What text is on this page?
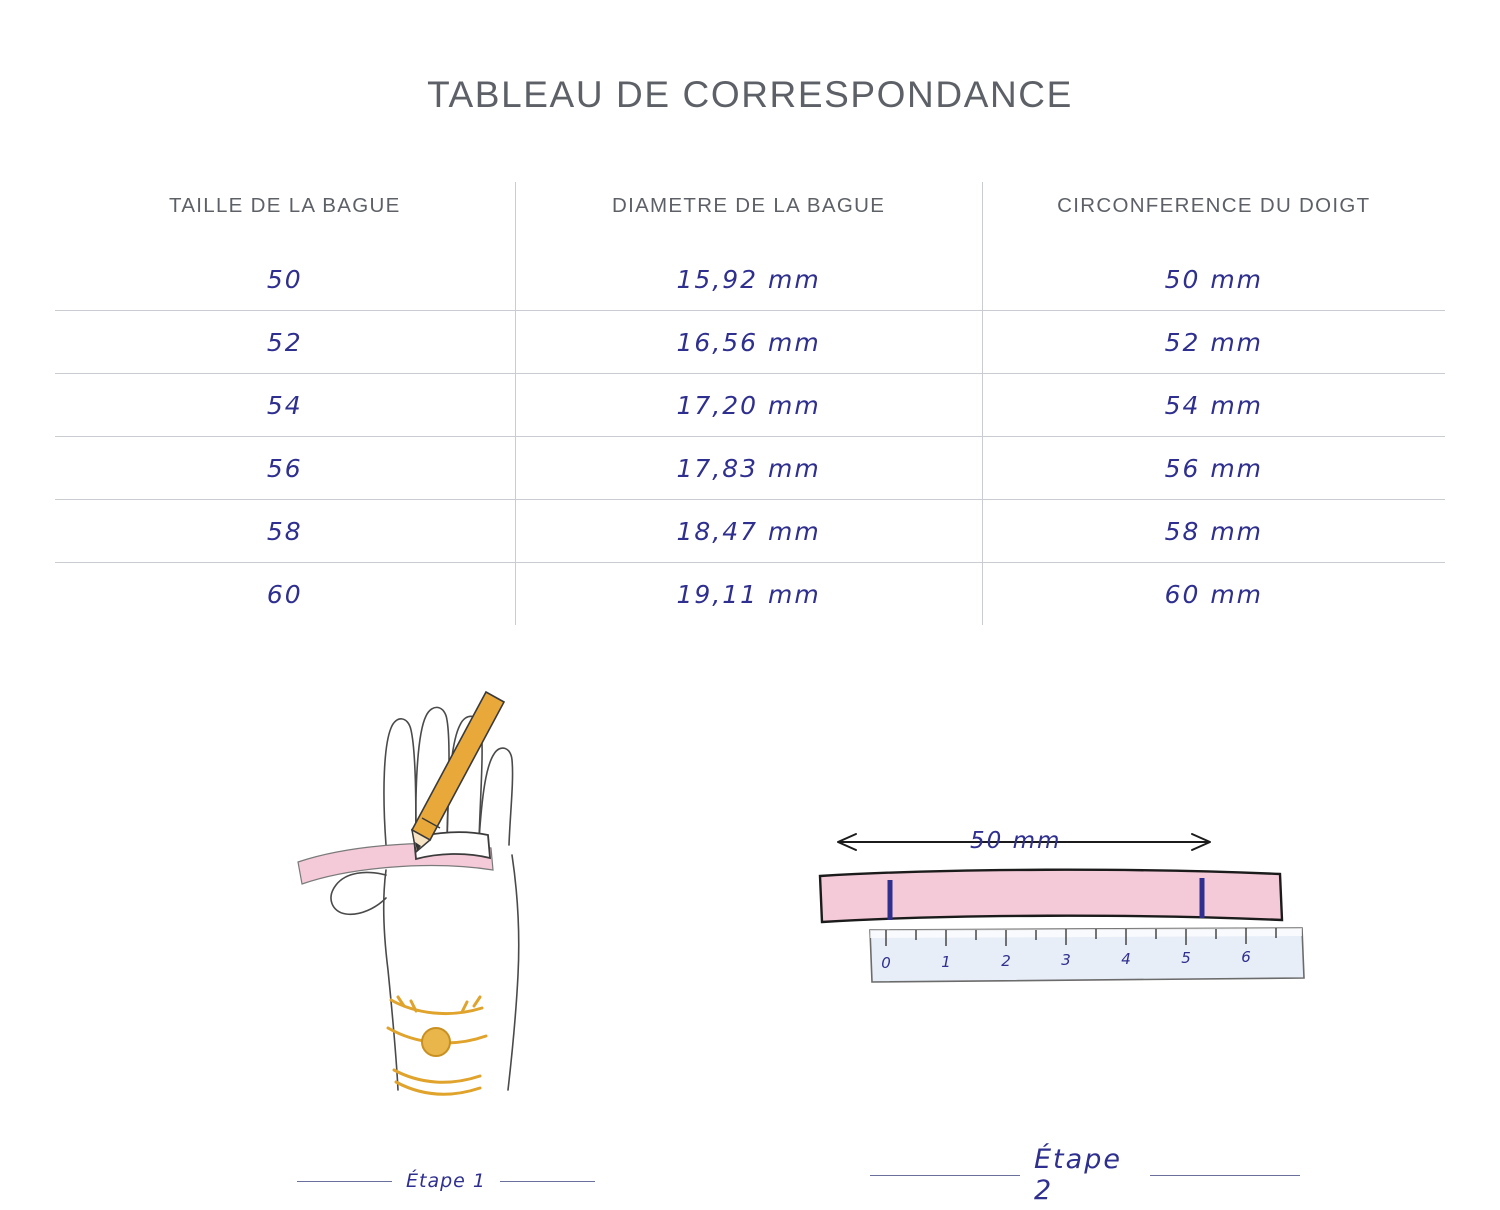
TABLEAU DE CORRESPONDANCE
TAILLE DE LA BAGUE	DIAMETRE DE LA BAGUE	CIRCONFERENCE DU DOIGT
50	15,92 mm	50 mm
52	16,56 mm	52 mm
54	17,20 mm	54 mm
56	17,83 mm	56 mm
58	18,47 mm	58 mm
60	19,11 mm	60 mm
Étape 1
50 mm
0	1	2	3	4	5	6
Étape 2
